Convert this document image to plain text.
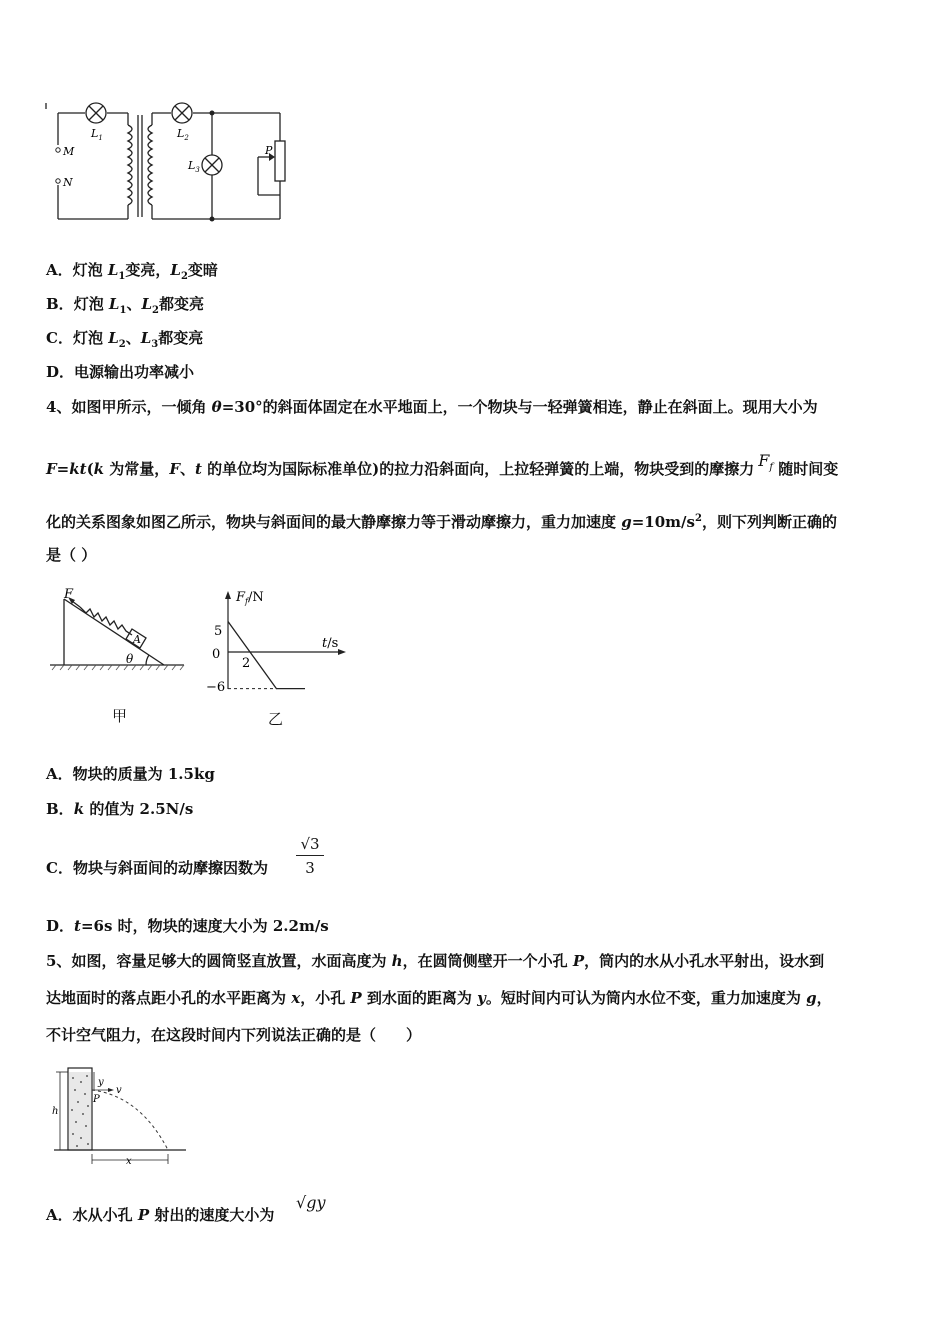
$L_1$	$L_2$
$L_3$
M
N
P
A．灯泡 $L_1$变亮，$L_2$变暗
B．灯泡 $L_1$、$L_2$都变亮
C．灯泡 $L_2$、$L_3$都变亮
D．电源输出功率减小
4、如图甲所示，一倾角 θ=30°的斜面体固定在水平地面上，一个物块与一轻弹簧相连，静止在斜面上。现用大小为
F=kt(k 为常量，F、t 的单位均为国际标准单位)的拉力沿斜面向，上拉轻弹簧的上端，物块受到的摩擦力 $F_f$ 随时间变
化的关系图象如图乙所示，物块与斜面间的最大静摩擦力等于滑动摩擦力，重力加速度 $g=10m/s^2$，则下列判断正确的
是（ ）
F
A
θ
甲
$F_f/N$
t/s
5
0
−6
2
乙
A．物块的质量为 1.5kg
B．k 的值为 2.5N/s
C．物块与斜面间的动摩擦因数为
√3
3
D．t=6s 时，物块的速度大小为 2.2m/s
5、如图，容量足够大的圆筒竖直放置，水面高度为 h，在圆筒侧壁开一个小孔 P，筒内的水从小孔水平射出，设水到
达地面时的落点距小孔的水平距离为 x，小孔 P 到水面的距离为 y。短时间内可认为筒内水位不变，重力加速度为 g，
不计空气阻力，在这段时间内下列说法正确的是（　　）
y
v
P
h
x
A．水从小孔 P 射出的速度大小为
√gy
